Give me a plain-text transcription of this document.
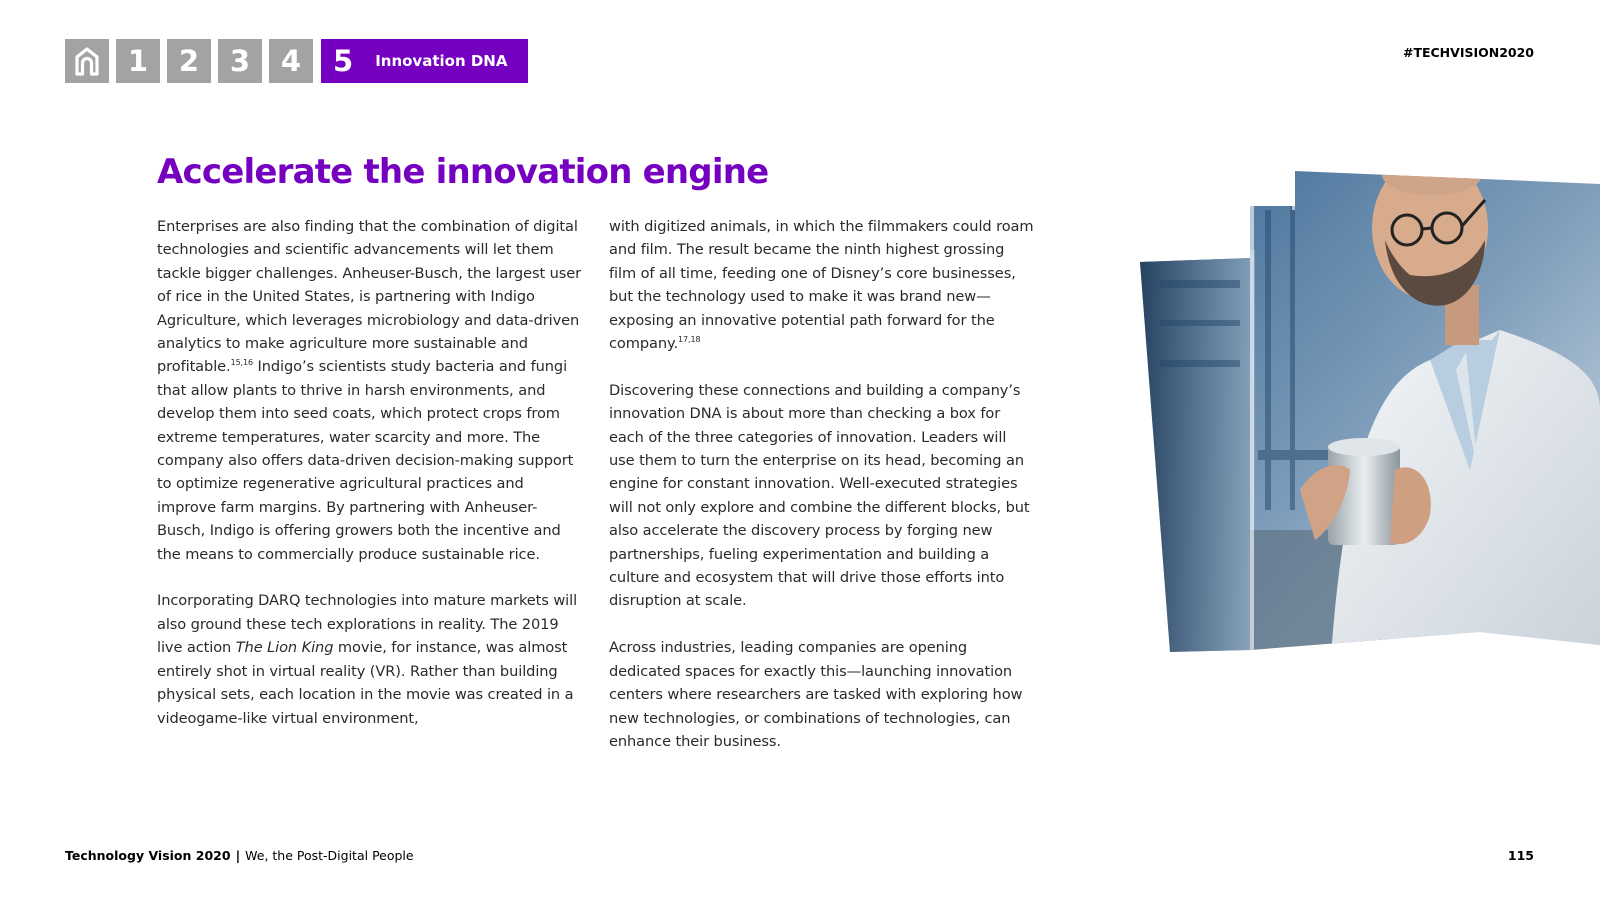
1	2	3	4	5 Innovation DNA	#TECHVISION2020
Accelerate the innovation engine

Enterprises are also finding that the combination of digital technologies and scientific advancements will let them tackle bigger challenges. Anheuser-Busch, the largest user of rice in the United States, is partnering with Indigo Agriculture, which leverages microbiology and data-driven analytics to make agriculture more sustainable and profitable.$^{15,16}$ Indigo’s scientists study bacteria and fungi that allow plants to thrive in harsh environments, and develop them into seed coats, which protect crops from extreme temperatures, water scarcity and more. The company also offers data-driven decision-making support to optimize regenerative agricultural practices and improve farm margins. By partnering with Anheuser-Busch, Indigo is offering growers both the incentive and the means to commercially produce sustainable rice.

Incorporating DARQ technologies into mature markets will also ground these tech explorations in reality. The 2019 live action The Lion King movie, for instance, was almost entirely shot in virtual reality (VR). Rather than building physical sets, each location in the movie was created in a videogame-like virtual environment,

with digitized animals, in which the filmmakers could roam and film. The result became the ninth highest grossing film of all time, feeding one of Disney’s core businesses, but the technology used to make it was brand new—exposing an innovative potential path forward for the company.$^{17,18}$

Discovering these connections and building a company’s innovation DNA is about more than checking a box for each of the three categories of innovation. Leaders will use them to turn the enterprise on its head, becoming an engine for constant innovation. Well-executed strategies will not only explore and combine the different blocks, but also accelerate the discovery process by forging new partnerships, fueling experimentation and building a culture and ecosystem that will drive those efforts into disruption at scale.

Across industries, leading companies are opening dedicated spaces for exactly this—launching innovation centers where researchers are tasked with exploring how new technologies, or combinations of technologies, can enhance their business.

Technology Vision 2020 | We, the Post-Digital People	115
